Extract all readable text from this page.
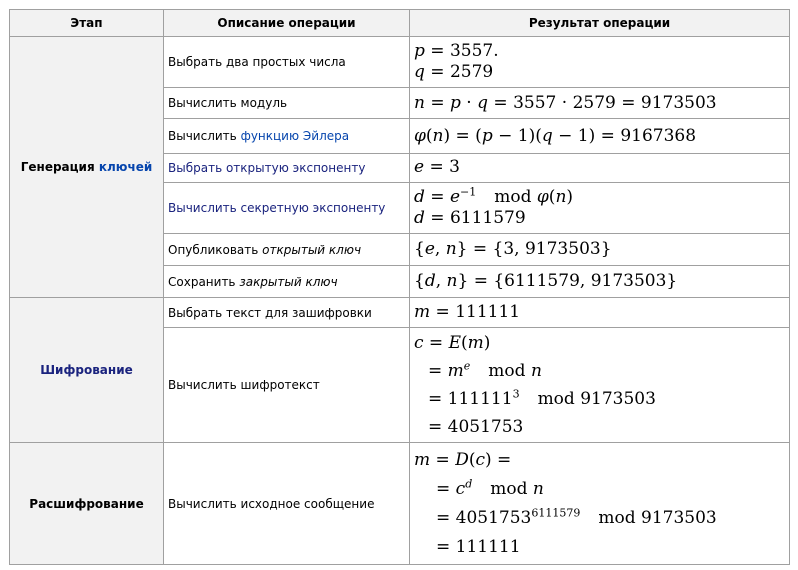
Этап	Описание операции	Результат операции
Генерация ключей	Выбрать два простых числа	p = 3557.
q = 2579

	Вычислить модуль	n = p · q = 3557 · 2579 = 9173503
	Вычислить функцию Эйлера	φ(n) = (p − 1)(q − 1) = 9167368
	Выбрать открытую экспоненту	e = 3
	Вычислить секретную экспоненту	$d = e^{-1}$ mod φ(n)
d = 6111579

	Опубликовать открытый ключ	{e, n} = {3, 9173503}
	Сохранить закрытый ключ	{d, n} = {6111579, 9173503}
Шифрование	Выбрать текст для зашифровки	m = 111111
	Вычислить шифротекст	c = E(m)
= $m^e$ mod n
= $111111^3$ mod 9173503
= 4051753

Расшифрование	Вычислить исходное сообщение	m = D(c) =
= $c^d$ mod n
= $4051753^{6111579}$ mod 9173503
= 111111
